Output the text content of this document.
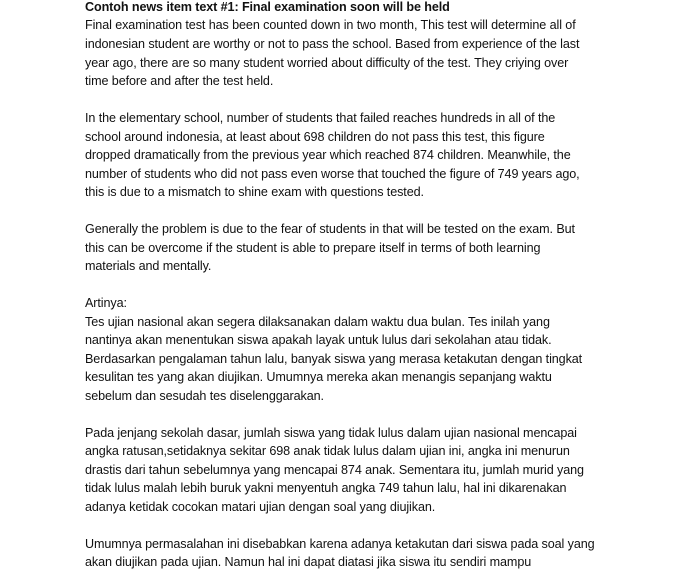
Contoh news item text #1: Final examination soon will be held
Final examination test has been counted down in two month, This test will determine all of
indonesian student are worthy or not to pass the school. Based from experience of the last
year ago, there are so many student worried about difficulty of the test. They criying over
time before and after the test held.
In the elementary school, number of students that failed reaches hundreds in all of the
school around indonesia, at least about 698 children do not pass this test, this figure
dropped dramatically from the previous year which reached 874 children. Meanwhile, the
number of students who did not pass even worse that touched the figure of 749 years ago,
this is due to a mismatch to shine exam with questions tested.
Generally the problem is due to the fear of students in that will be tested on the exam. But
this can be overcome if the student is able to prepare itself in terms of both learning
materials and mentally.
Artinya:
Tes ujian nasional akan segera dilaksanakan dalam waktu dua bulan. Tes inilah yang
nantinya akan menentukan siswa apakah layak untuk lulus dari sekolahan atau tidak.
Berdasarkan pengalaman tahun lalu, banyak siswa yang merasa ketakutan dengan tingkat
kesulitan tes yang akan diujikan. Umumnya mereka akan menangis sepanjang waktu
sebelum dan sesudah tes diselenggarakan.
Pada jenjang sekolah dasar, jumlah siswa yang tidak lulus dalam ujian nasional mencapai
angka ratusan,setidaknya sekitar 698 anak tidak lulus dalam ujian ini, angka ini menurun
drastis dari tahun sebelumnya yang mencapai 874 anak. Sementara itu, jumlah murid yang
tidak lulus malah lebih buruk yakni menyentuh angka 749 tahun lalu, hal ini dikarenakan
adanya ketidak cocokan matari ujian dengan soal yang diujikan.
Umumnya permasalahan ini disebabkan karena adanya ketakutan dari siswa pada soal yang
akan diujikan pada ujian. Namun hal ini dapat diatasi jika siswa itu sendiri mampu
